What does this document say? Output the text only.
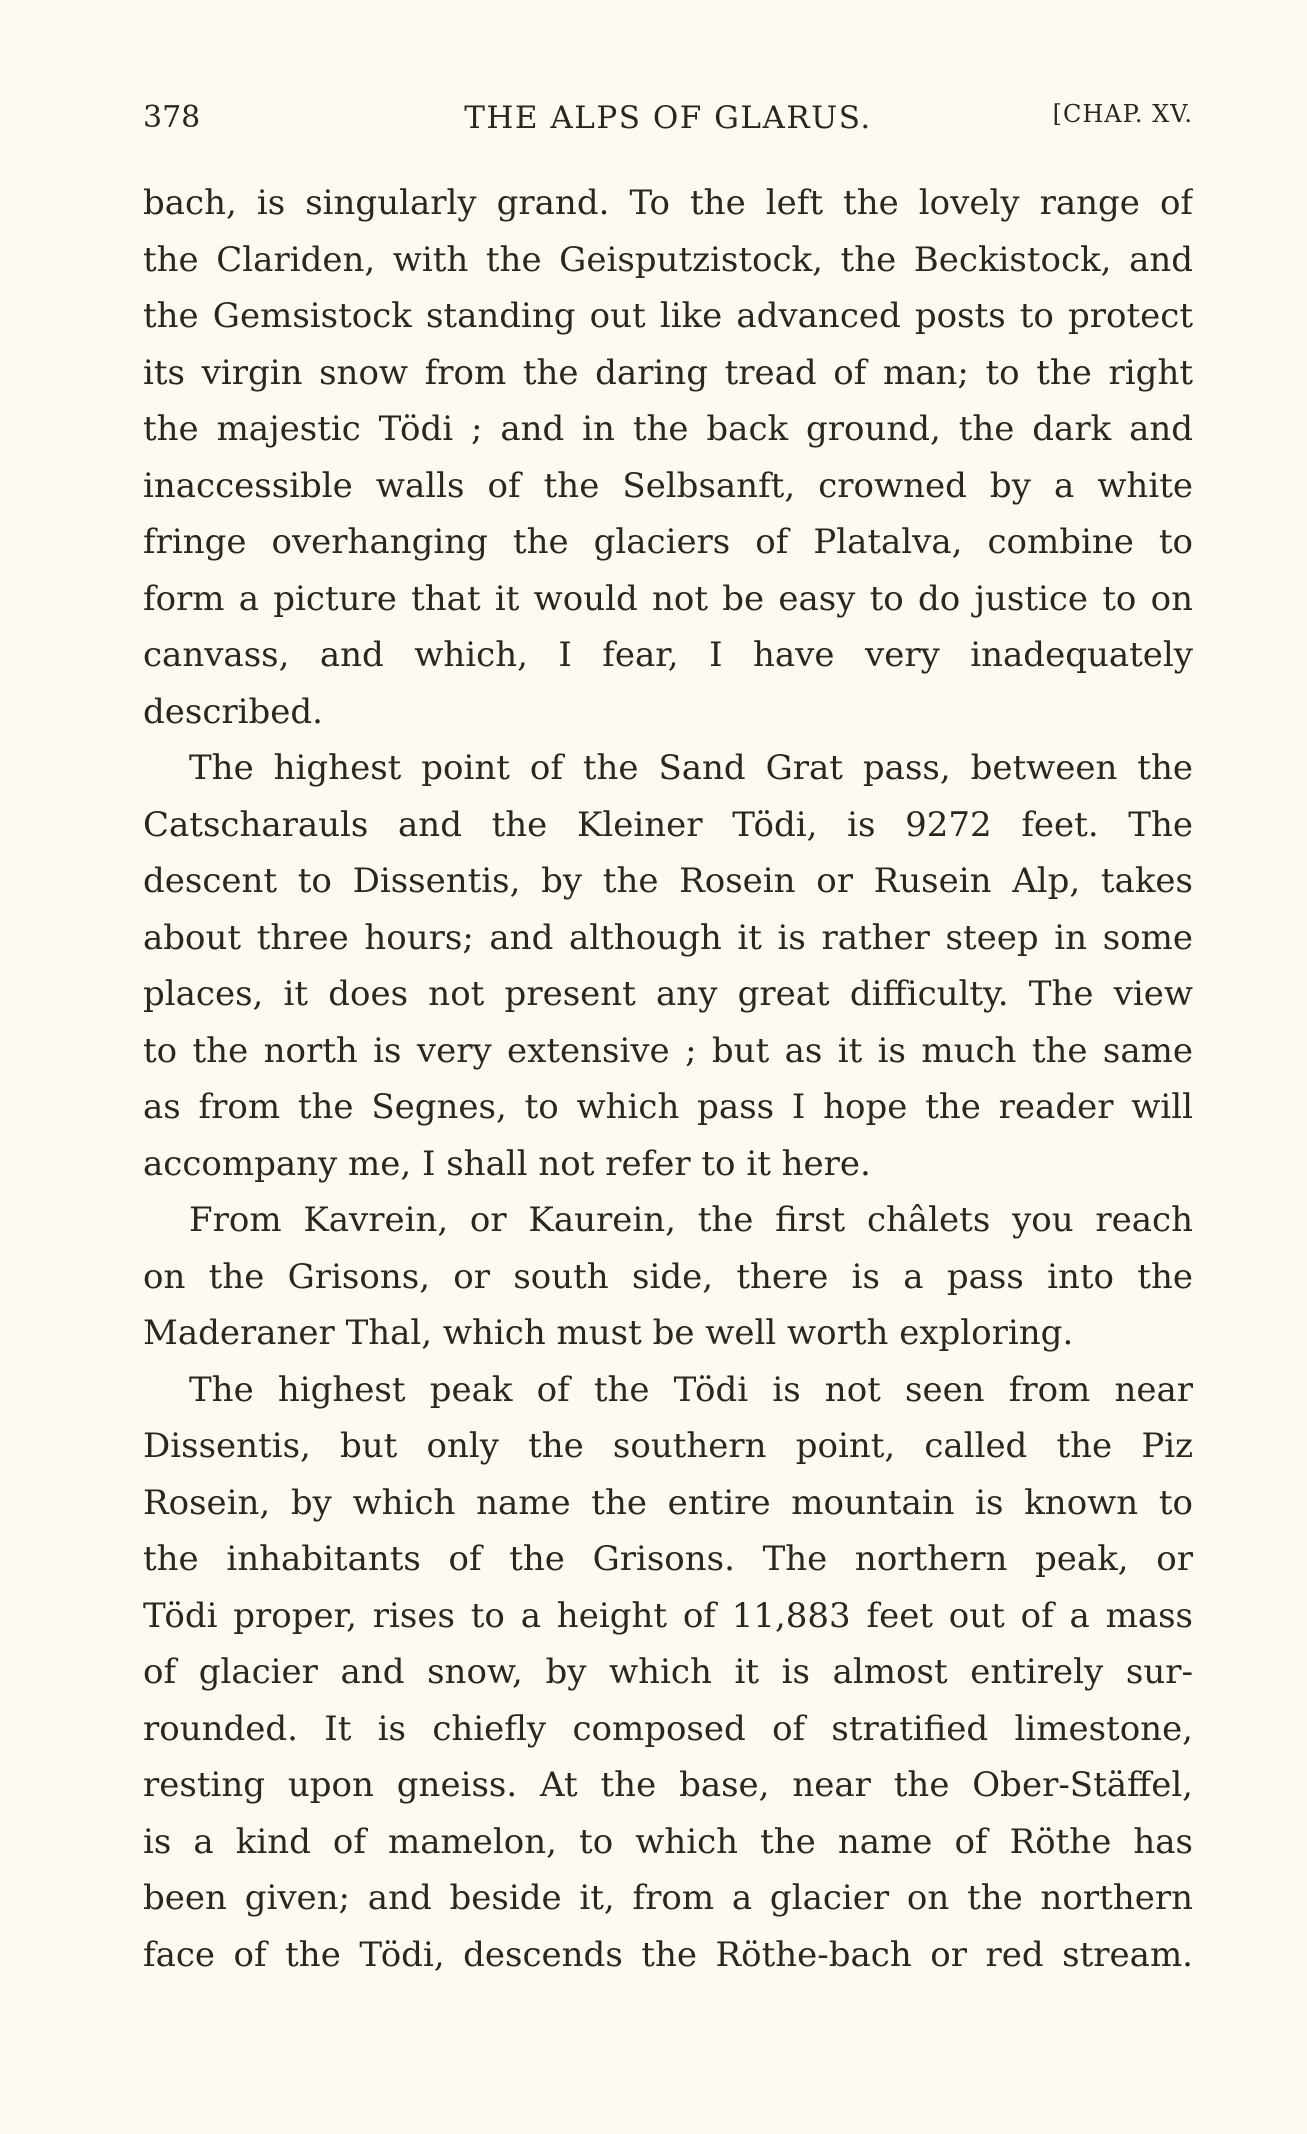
378	THE ALPS OF GLARUS.	[CHAP. XV.
bach, is singularly grand. To the left the lovely range of
the Clariden, with the Geisputzistock, the Beckistock, and
the Gemsistock standing out like advanced posts to protect
its virgin snow from the daring tread of man; to the right
the majestic Tödi ; and in the back ground, the dark and
inaccessible walls of the Selbsanft, crowned by a white
fringe overhanging the glaciers of Platalva, combine to
form a picture that it would not be easy to do justice to on
canvass, and which, I fear, I have very inadequately
described.
The highest point of the Sand Grat pass, between the
Catscharauls and the Kleiner Tödi, is 9272 feet. The
descent to Dissentis, by the Rosein or Rusein Alp, takes
about three hours; and although it is rather steep in some
places, it does not present any great difficulty. The view
to the north is very extensive ; but as it is much the same
as from the Segnes, to which pass I hope the reader will
accompany me, I shall not refer to it here.
From Kavrein, or Kaurein, the first châlets you reach
on the Grisons, or south side, there is a pass into the
Maderaner Thal, which must be well worth exploring.
The highest peak of the Tödi is not seen from near
Dissentis, but only the southern point, called the Piz
Rosein, by which name the entire mountain is known to
the inhabitants of the Grisons. The northern peak, or
Tödi proper, rises to a height of 11,883 feet out of a mass
of glacier and snow, by which it is almost entirely sur-
rounded. It is chiefly composed of stratified limestone,
resting upon gneiss. At the base, near the Ober-Stäffel,
is a kind of mamelon, to which the name of Röthe has
been given; and beside it, from a glacier on the northern
face of the Tödi, descends the Röthe-bach or red stream.
